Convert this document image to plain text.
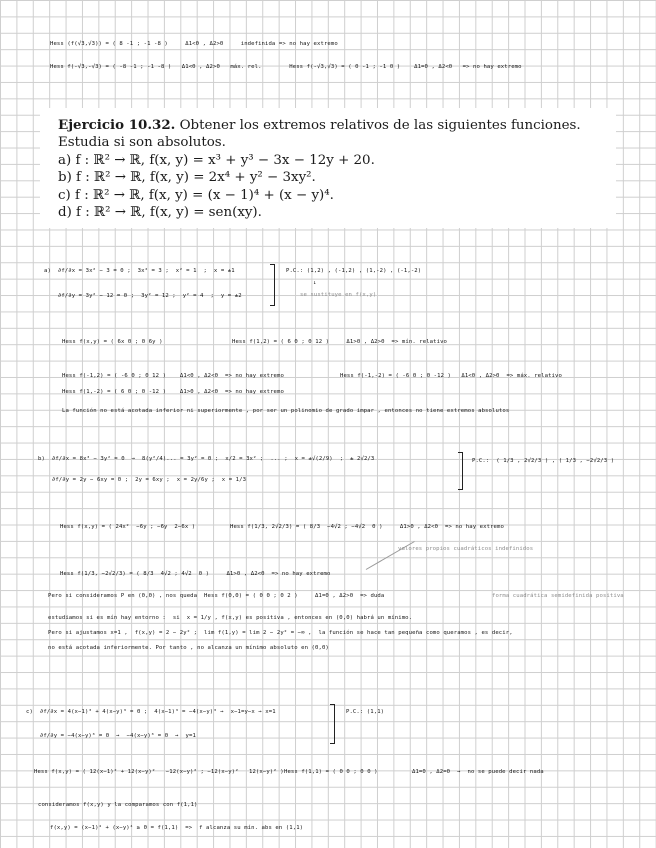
Hess (f(√3,√3)) = ( 8 -1 ; -1 -8 )     Δ1<0 , Δ2>0     indefinida => no hay extremo
Hess f(-√3,-√3) = ( -8 -1 ; -1 -8 )   Δ1<0 , Δ2>0   máx. rel.        Hess f(-√3,√3) = ( 0 -1 ; -1 0 )    Δ1=0 , Δ2<0   => no hay extremo
Ejercicio 10.32. Obtener los extremos relativos de las siguientes funciones. Estudia si son absolutos.
a) f : ℝ² → ℝ, f(x, y) = x³ + y³ − 3x − 12y + 20.
b) f : ℝ² → ℝ, f(x, y) = 2x⁴ + y² − 3xy².
c) f : ℝ² → ℝ, f(x, y) = (x − 1)⁴ + (x − y)⁴.
d) f : ℝ² → ℝ, f(x, y) = sen(xy).
a)  ∂f/∂x = 3x² − 3 = 0 ;  3x² = 3 ;  x² = 1  ;  x = ±1
∂f/∂y = 3y² − 12 = 0 ;  3y² = 12 ;  y² = 4  ;  y = ±2
P.C.: (1,2) , (-1,2) , (1,-2) , (-1,-2)
↓
se sustituye en f(x,y)
Hess f(x,y) = ( 6x 0 ; 0 6y )	Hess f(1,2) = ( 6 0 ; 0 12 )     Δ1>0 , Δ2>0  => mín. relativo
Hess f(-1,2) = ( -6 0 ; 0 12 )    Δ1<0 , Δ2<0  => no hay extremo	Hess f(-1,-2) = ( -6 0 ; 0 -12 )   Δ1<0 , Δ2>0  => máx. relativo
Hess f(1,-2) = ( 6 0 ; 0 -12 )    Δ1>0 , Δ2<0  => no hay extremo
La función no está acotada inferior ni superiormente , por ser un polinomio de grado impar , entonces no tiene extremos absolutos
b)  ∂f/∂x = 8x³ − 3y² = 0  →  8(y²/4)... = 3y² = 0 ;  x/2 = 3x² ;  ... ;  x = ±√(2/9)  ;  ± 2√2/3
∂f/∂y = 2y − 6xy = 0 ;  2y = 6xy ;  x = 2y/6y ;  x = 1/3
P.C.:  ( 1/3 , 2√2/3 ) , ( 1/3 , −2√2/3 )
Hess f(x,y) = ( 24x²  −6y ; −6y  2−6x )	Hess f(1/3, 2√2/3) = ( 8/3  −4√2 ; −4√2  0 )     Δ1>0 , Δ2<0  => no hay extremo
valores propios cuadráticos indefinidos
Hess f(1/3, −2√2/3) = ( 8/3  4√2 ; 4√2  0 )     Δ1>0 , Δ2<0  => no hay extremo
Pero si consideramos P en (0,0) , nos queda  Hess f(0,0) = ( 0 0 ; 0 2 )     Δ1=0 , Δ2>0  => duda	forma cuadrática semidefinida positiva
estudiamos si es mín hay entorno :  si  x = 1/y , f(x,y) es positiva , entonces en (0,0) habrá un mínimo.
Pero si ajustamos x=1 ,  f(x,y) = 2 − 2y² ;  lim f(1,y) = lim 2 − 2y² = −∞ ,  la función se hace tan pequeña como queramos , es decir,
no está acotada inferiormente. Por tanto , no alcanza un mínimo absoluto en (0,0)
c)  ∂f/∂x = 4(x−1)³ + 4(x−y)³ = 0 ;  4(x−1)³ = −4(x−y)³ →  x−1=y−x → x=1
∂f/∂y = −4(x−y)³ = 0  →  −4(x−y)³ = 0  →  y=1
P.C.: (1,1)
Hess f(x,y) = ( 12(x−1)² + 12(x−y)²   −12(x−y)² ; −12(x−y)²   12(x−y)² ) Hess f(1,1) = ( 0 0 ; 0 0 )	Δ1=0 , Δ2=0  →  no se puede decir nada
consideramos f(x,y) y la comparamos con f(1,1)
f(x,y) = (x−1)⁴ + (x−y)⁴ ≥ 0 = f(1,1)  =>  f alcanza su mín. abs en (1,1)
